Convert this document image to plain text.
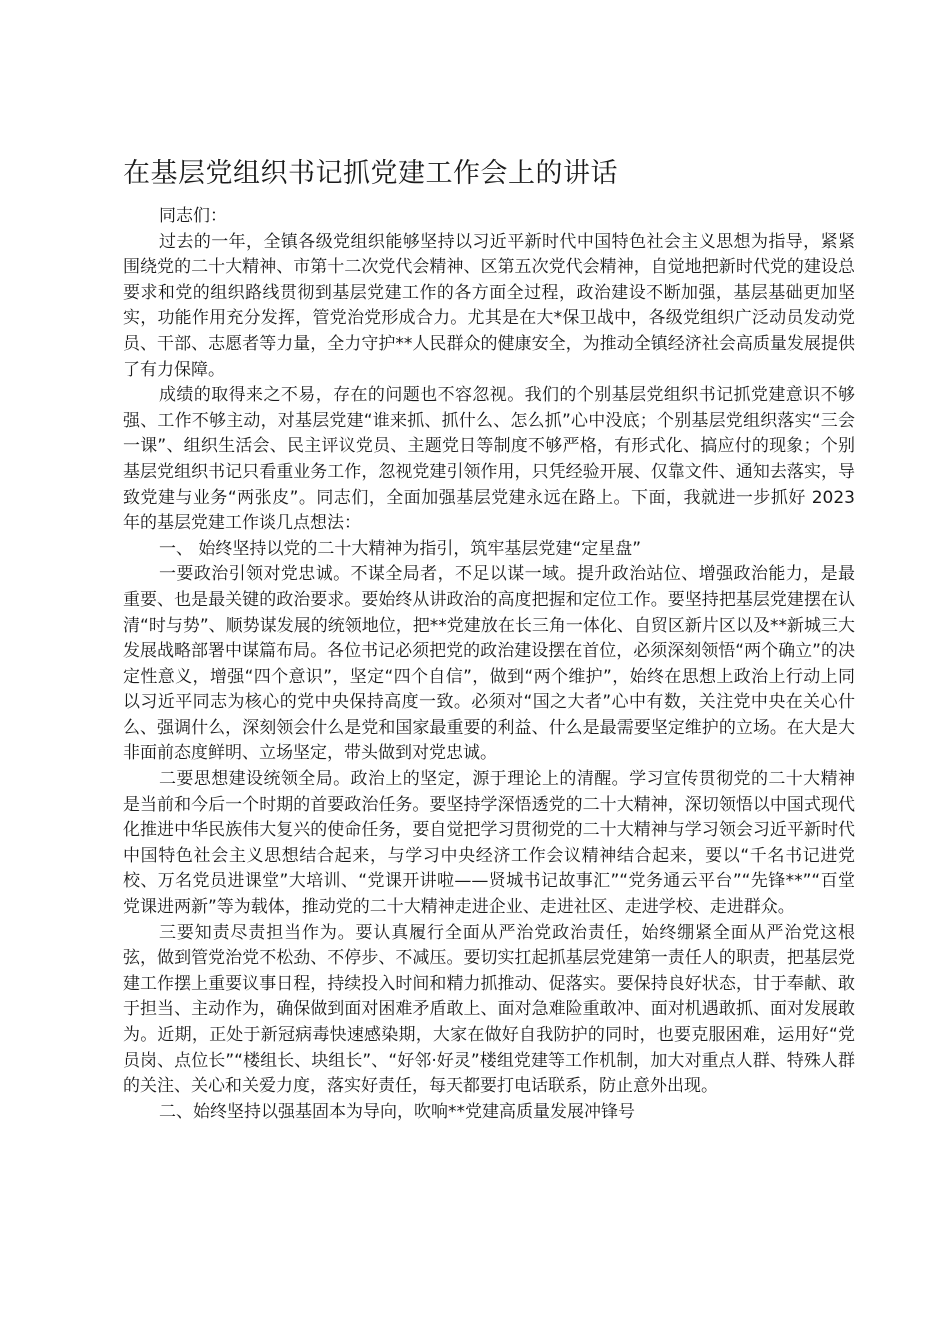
在基层党组织书记抓党建工作会上的讲话

同志们：

过去的一年，全镇各级党组织能够坚持以习近平新时代中国特色社会主义思想为指导，紧紧围绕党的二十大精神、市第十二次党代会精神、区第五次党代会精神，自觉地把新时代党的建设总要求和党的组织路线贯彻到基层党建工作的各方面全过程，政治建设不断加强，基层基础更加坚实，功能作用充分发挥，管党治党形成合力。尤其是在大*保卫战中，各级党组织广泛动员发动党员、干部、志愿者等力量，全力守护**人民群众的健康安全，为推动全镇经济社会高质量发展提供了有力保障。

成绩的取得来之不易，存在的问题也不容忽视。我们的个别基层党组织书记抓党建意识不够强、工作不够主动，对基层党建“谁来抓、抓什么、怎么抓”心中没底；个别基层党组织落实“三会一课”、组织生活会、民主评议党员、主题党日等制度不够严格，有形式化、搞应付的现象；个别基层党组织书记只看重业务工作，忽视党建引领作用，只凭经验开展、仅靠文件、通知去落实，导致党建与业务“两张皮”。同志们，全面加强基层党建永远在路上。下面，我就进一步抓好 2023 年的基层党建工作谈几点想法：

一、 始终坚持以党的二十大精神为指引，筑牢基层党建“定星盘”

一要政治引领对党忠诚。不谋全局者，不足以谋一域。提升政治站位、增强政治能力，是最重要、也是最关键的政治要求。要始终从讲政治的高度把握和定位工作。要坚持把基层党建摆在认清“时与势”、顺势谋发展的统领地位，把**党建放在长三角一体化、自贸区新片区以及**新城三大发展战略部署中谋篇布局。各位书记必须把党的政治建设摆在首位，必须深刻领悟“两个确立”的决定性意义，增强“四个意识”，坚定“四个自信”，做到“两个维护”，始终在思想上政治上行动上同以习近平同志为核心的党中央保持高度一致。必须对“国之大者”心中有数，关注党中央在关心什么、强调什么，深刻领会什么是党和国家最重要的利益、什么是最需要坚定维护的立场。在大是大非面前态度鲜明、立场坚定，带头做到对党忠诚。

二要思想建设统领全局。政治上的坚定，源于理论上的清醒。学习宣传贯彻党的二十大精神是当前和今后一个时期的首要政治任务。要坚持学深悟透党的二十大精神，深切领悟以中国式现代化推进中华民族伟大复兴的使命任务，要自觉把学习贯彻党的二十大精神与学习领会习近平新时代中国特色社会主义思想结合起来，与学习中央经济工作会议精神结合起来，要以“千名书记进党校、万名党员进课堂”大培训、“党课开讲啦——贤城书记故事汇”“党务通云平台”“先锋**”“百堂党课进两新”等为载体，推动党的二十大精神走进企业、走进社区、走进学校、走进群众。

三要知责尽责担当作为。要认真履行全面从严治党政治责任，始终绷紧全面从严治党这根弦，做到管党治党不松劲、不停步、不减压。要切实扛起抓基层党建第一责任人的职责，把基层党建工作摆上重要议事日程，持续投入时间和精力抓推动、促落实。要保持良好状态，甘于奉献、敢于担当、主动作为，确保做到面对困难矛盾敢上、面对急难险重敢冲、面对机遇敢抓、面对发展敢为。近期，正处于新冠病毒快速感染期，大家在做好自我防护的同时，也要克服困难，运用好“党员岗、点位长”“楼组长、块组长”、“好邻·好灵”楼组党建等工作机制，加大对重点人群、特殊人群的关注、关心和关爱力度，落实好责任，每天都要打电话联系，防止意外出现。

二、始终坚持以强基固本为导向，吹响**党建高质量发展冲锋号
